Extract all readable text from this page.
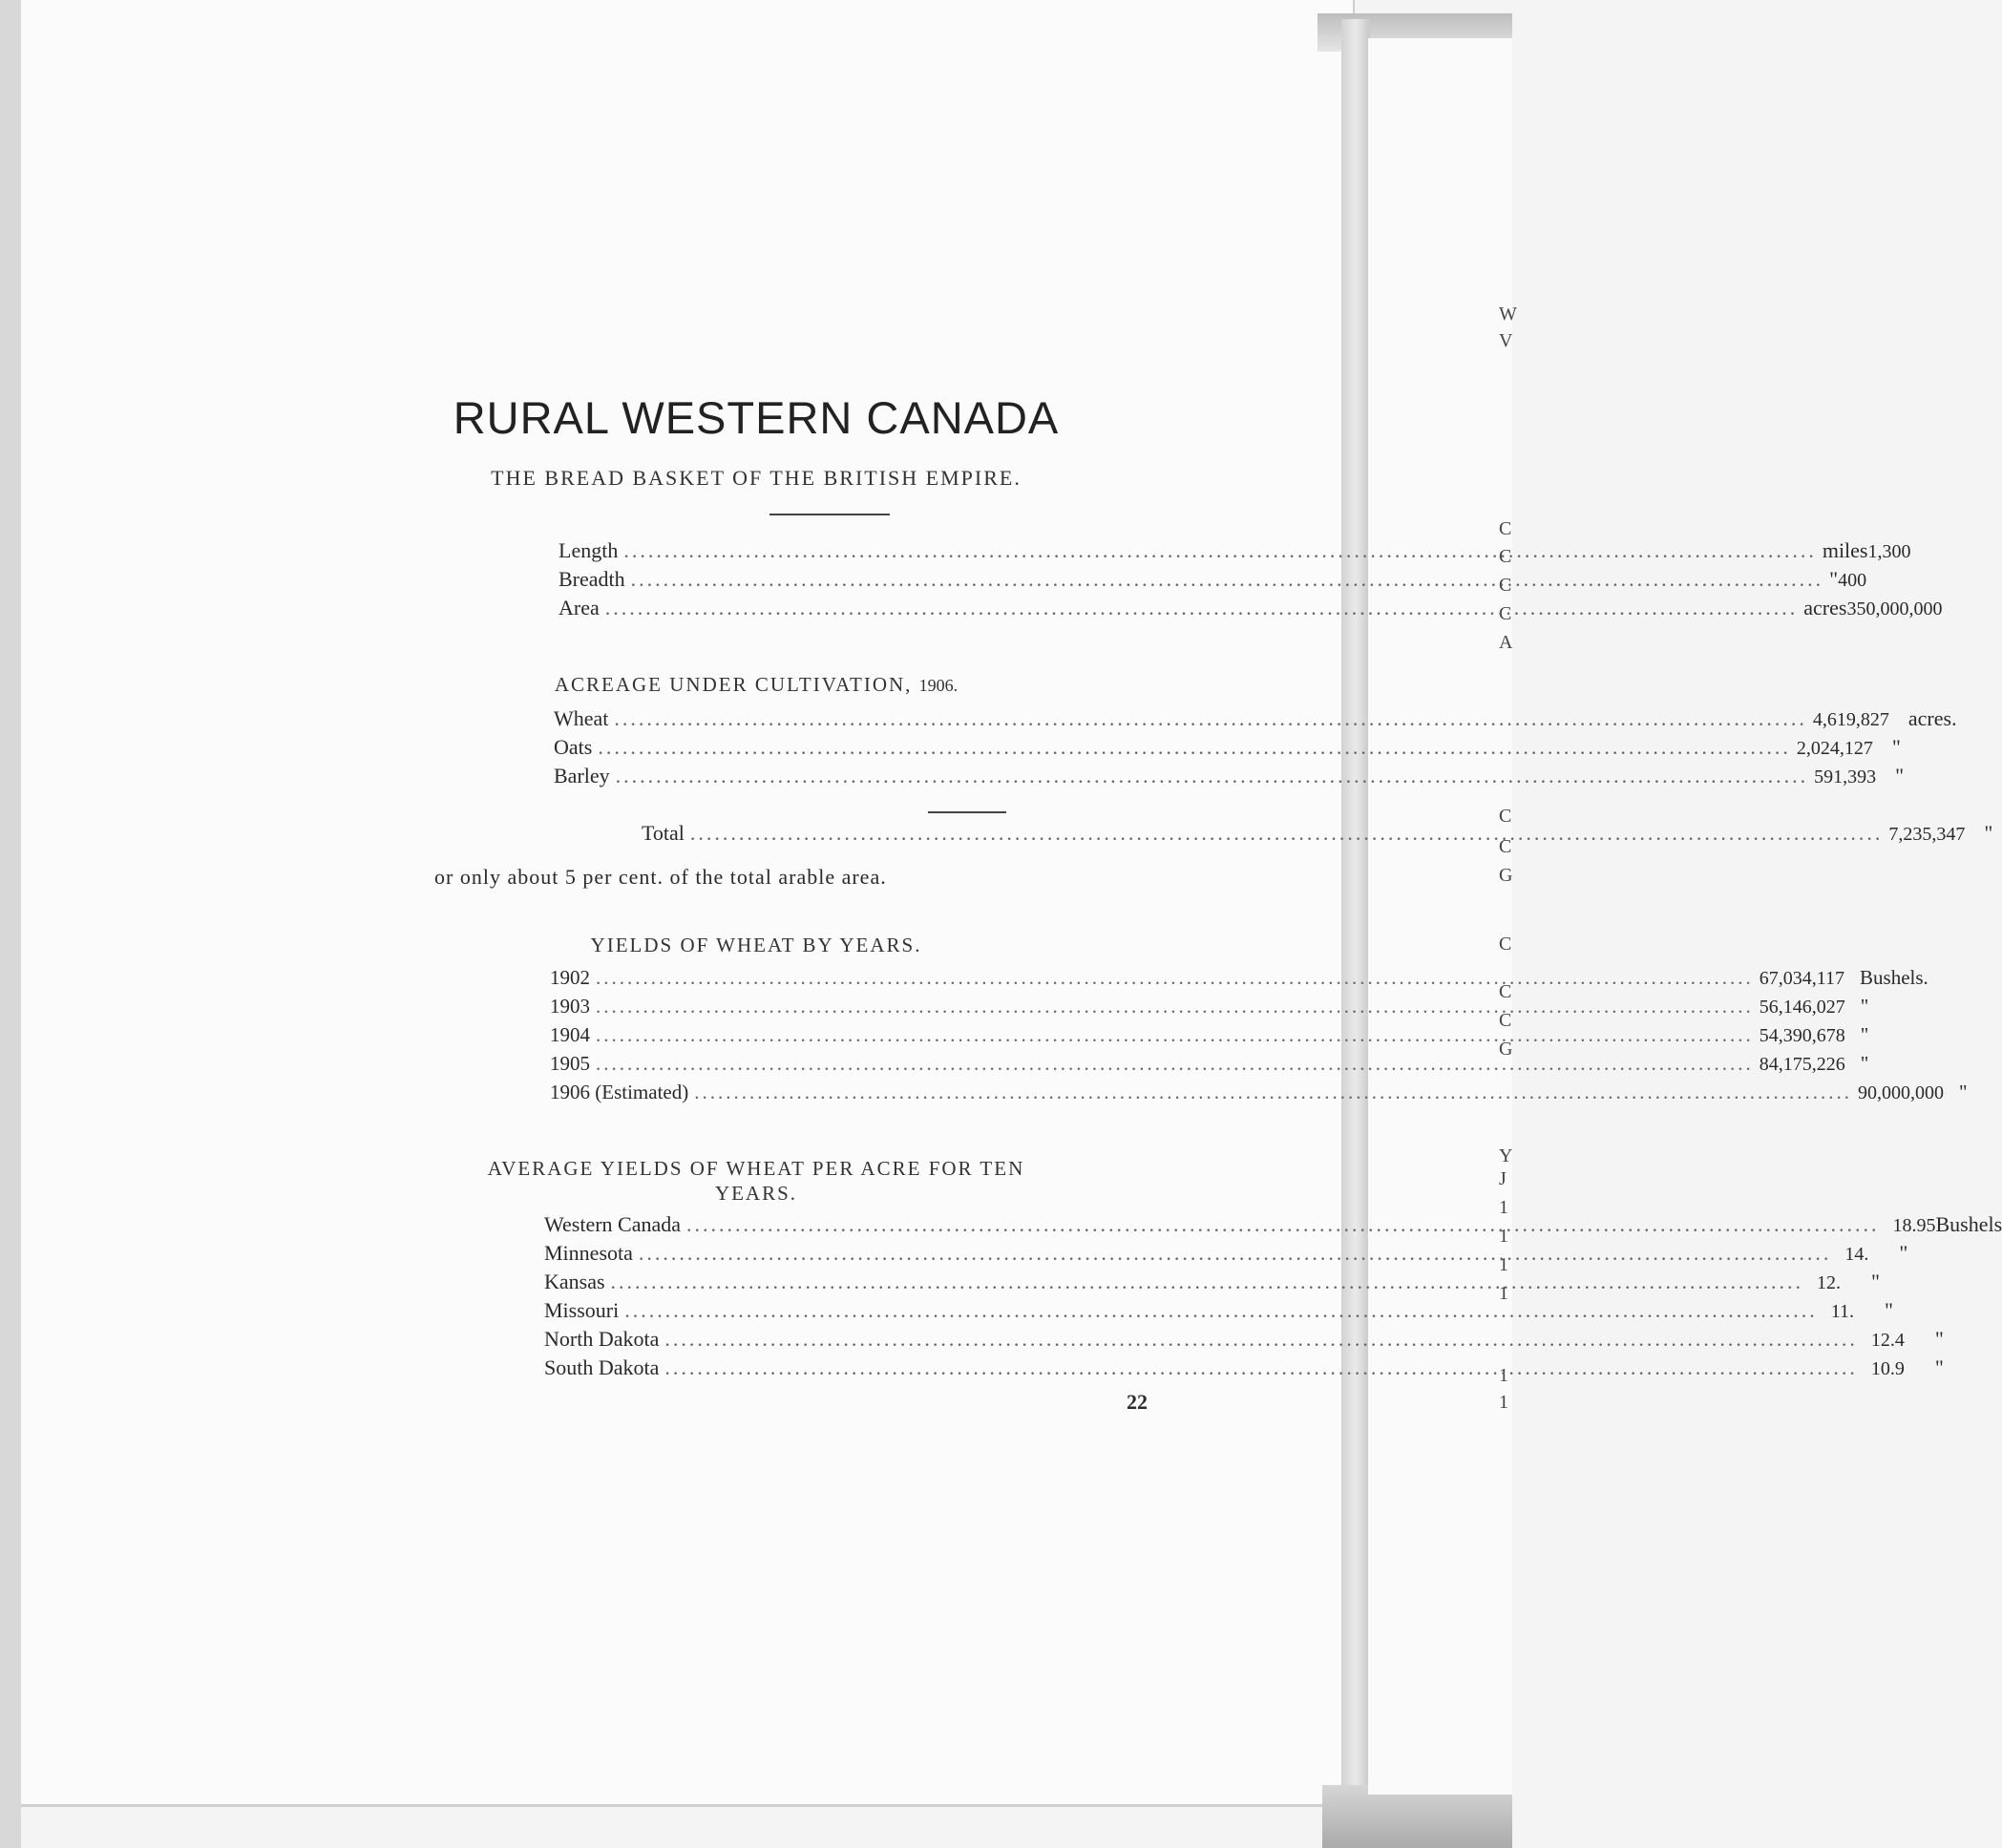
W
V
C
C
C
C
A
C
C
G
C
C
C
G
Y
J
1
1
1
1
1
1
RURAL WESTERN CANADA
THE BREAD BASKET OF THE BRITISH EMPIRE.
Length .....	miles 1,300
Breadth .....	" 400
Area .....	acres 350,000,000
ACREAGE UNDER CULTIVATION, 1906.
Wheat .....	4,619,827 acres.
Oats .....	2,024,127 "
Barley .....	591,393 "
Total .....	7,235,347 "
or only about 5 per cent. of the total arable area.
YIELDS OF WHEAT BY YEARS.
1902 .....	67,034,117 Bushels.
1903 .....	56,146,027 "
1904 .....	54,390,678 "
1905 .....	84,175,226 "
1906 (Estimated) .....	90,000,000 "
AVERAGE YIELDS OF WHEAT PER ACRE FOR TEN
YEARS.
Western Canada .....	18.95 Bushels
Minnesota .....	14.	"
Kansas .....	12.	"
Missouri .....	11.	"
North Dakota .....	12.4	"
South Dakota .....	10.9	"
22
